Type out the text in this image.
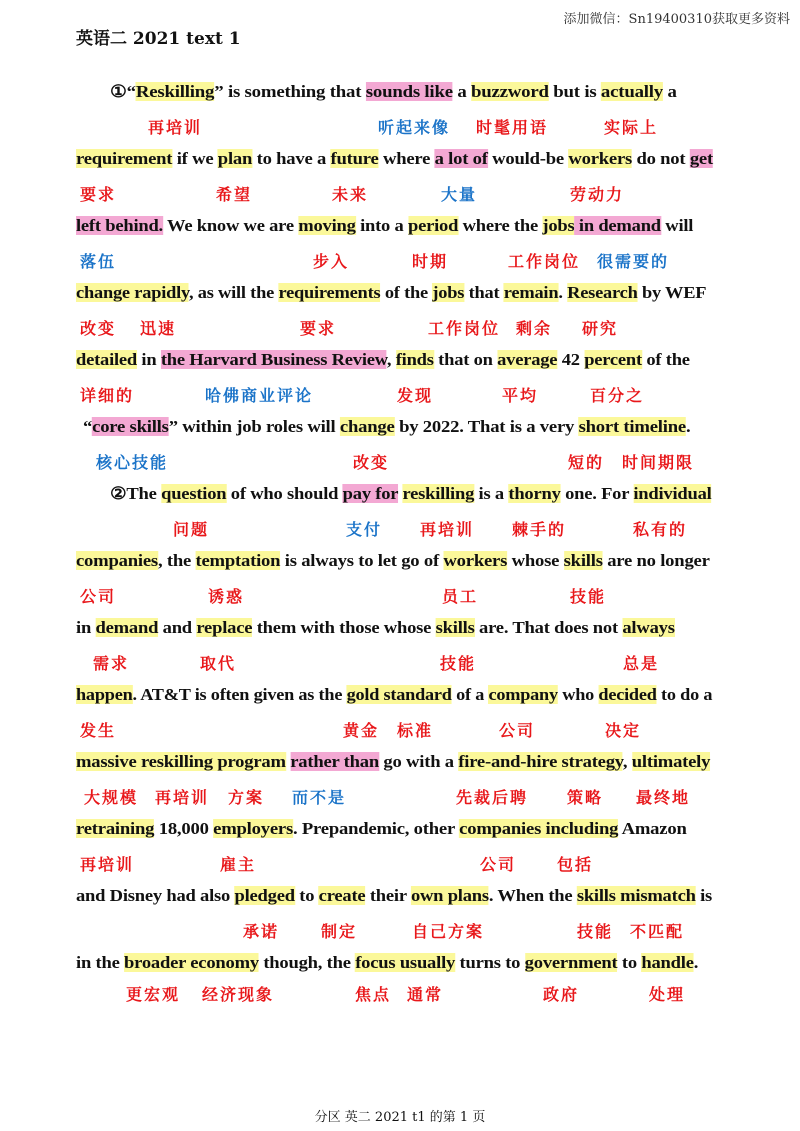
添加微信：Sn19400310获取更多资料
英语二 2021 text 1
①“Reskilling” is something that sounds like a buzzword but is actually a
requirement if we plan to have a future where a lot of would-be workers do not get
left behind. We know we are moving into a period where the jobs in demand will
change rapidly, as will the requirements of the jobs that remain. Research by WEF
detailed in the Harvard Business Review, finds that on average 42 percent of the
“core skills” within job roles will change by 2022. That is a very short timeline.
②The question of who should pay for reskilling is a thorny one. For individual
companies, the temptation is always to let go of workers whose skills are no longer
in demand and replace them with those whose skills are. That does not always
happen. AT&T is often given as the gold standard of a company who decided to do a
massive reskilling program rather than go with a fire-and-hire strategy, ultimately
retraining 18,000 employers. Prepandemic, other companies including Amazon
and Disney had also pledged to create their own plans. When the skills mismatch is
in the broader economy though, the focus usually turns to government to handle.
再培训	听起来像 时髦用语	实际上
要求	希望	未来	大量	劳动力
落伍	步入	时期	工作岗位 很需要的
改变 迅速	要求	工作岗位 剩余 研究
详细的	哈佛商业评论	发现	平均	百分之
核心技能	改变	短的 时间期限
问题	支付 再培训 棘手的	私有的
公司	诱惑	员工	技能
需求	取代	技能	总是
发生	黄金 标准	公司	决定
大规模 再培训 方案 而不是	先裁后聘 策略 最终地
再培训	雇主	公司	包括
承诺	制定	自己方案	技能 不匹配
更宏观 经济现象	焦点 通常	政府	处理
分区 英二 2021 t1 的第 1 页
